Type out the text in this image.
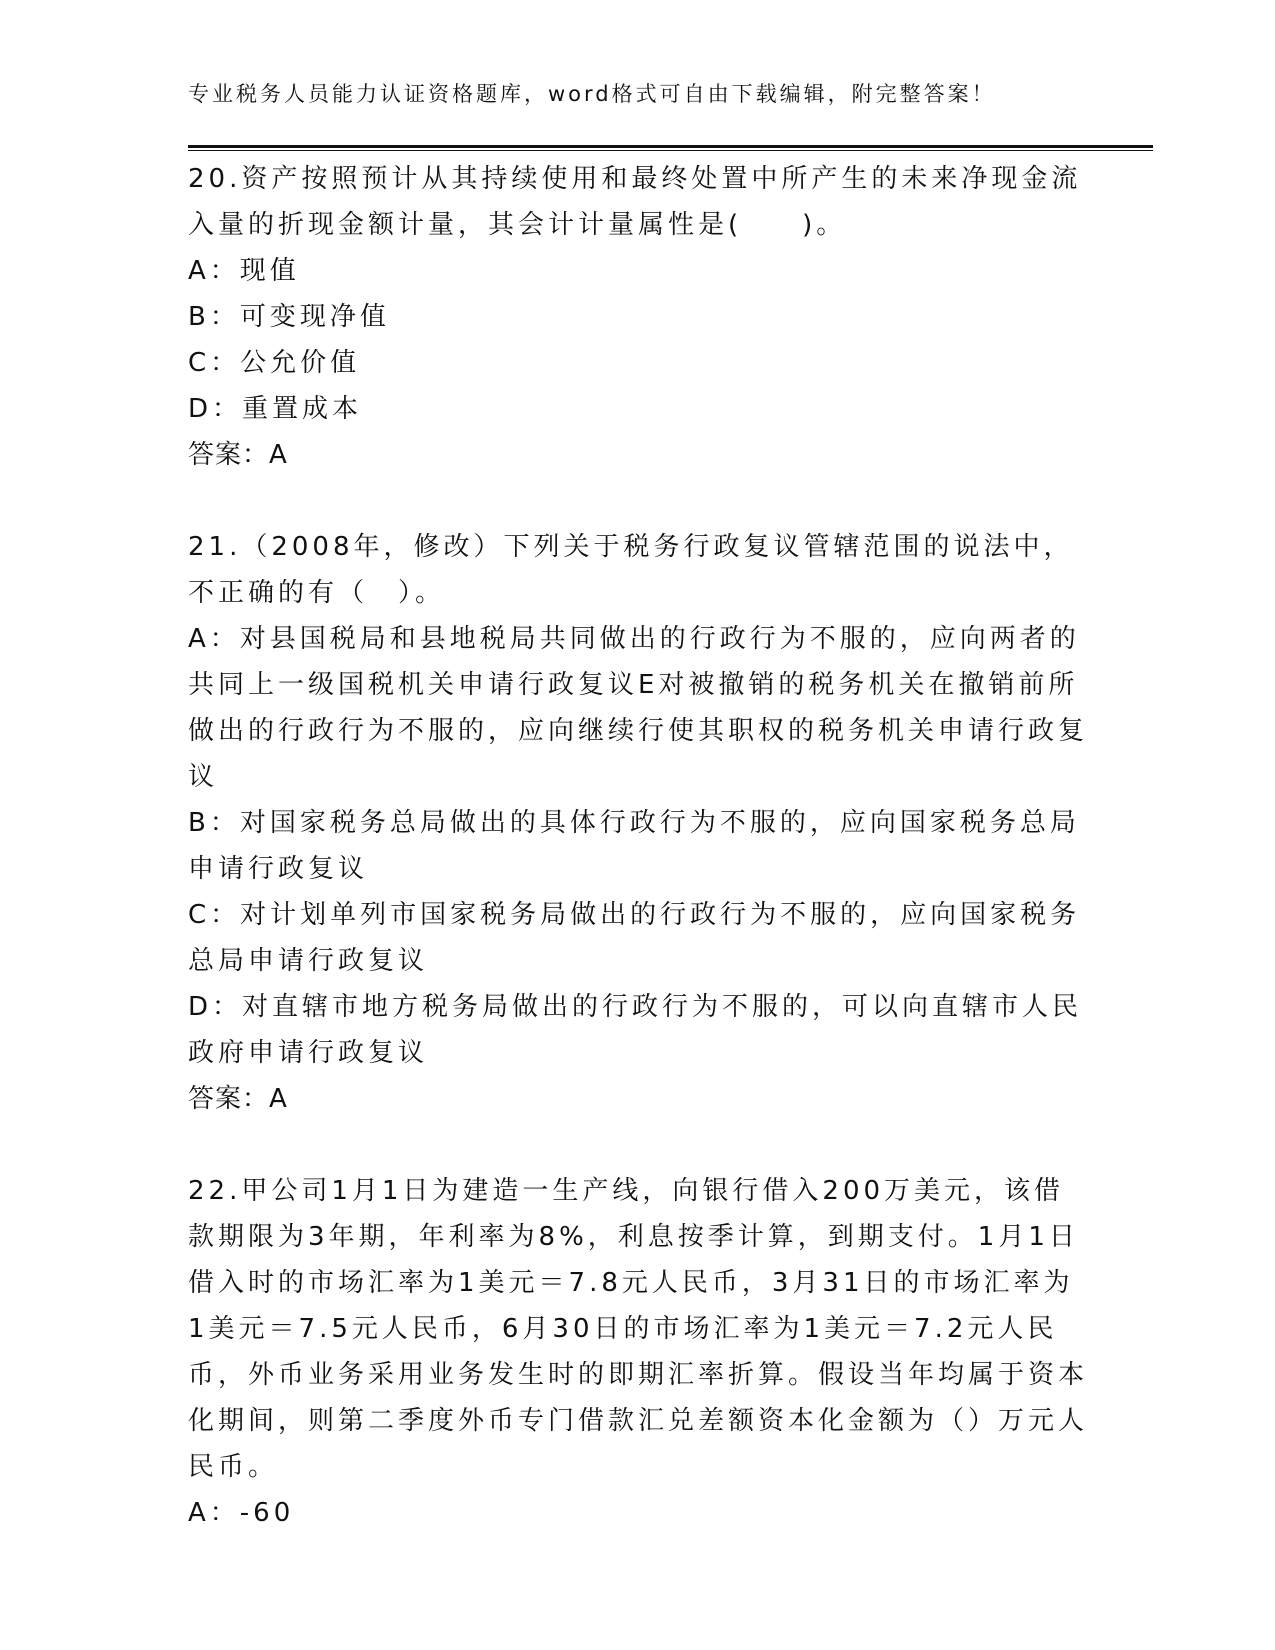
专业税务人员能力认证资格题库，word格式可自由下载编辑，附完整答案！

20.资产按照预计从其持续使用和最终处置中所产生的未来净现金流入量的折现金额计量，其会计计量属性是(　　)。

A：现值

B：可变现净值

C：公允价值

D：重置成本

答案：A

21.（2008年，修改）下列关于税务行政复议管辖范围的说法中，不正确的有（　）。

A：对县国税局和县地税局共同做出的行政行为不服的，应向两者的共同上一级国税机关申请行政复议E对被撤销的税务机关在撤销前所做出的行政行为不服的，应向继续行使其职权的税务机关申请行政复议

B：对国家税务总局做出的具体行政行为不服的，应向国家税务总局申请行政复议

C：对计划单列市国家税务局做出的行政行为不服的，应向国家税务总局申请行政复议

D：对直辖市地方税务局做出的行政行为不服的，可以向直辖市人民政府申请行政复议

答案：A

22.甲公司1月1日为建造一生产线，向银行借入200万美元，该借款期限为3年期，年利率为8%，利息按季计算，到期支付。1月1日借入时的市场汇率为1美元＝7.8元人民币，3月31日的市场汇率为1美元＝7.5元人民币，6月30日的市场汇率为1美元＝7.2元人民币，外币业务采用业务发生时的即期汇率折算。假设当年均属于资本化期间，则第二季度外币专门借款汇兑差额资本化金额为（）万元人民币。

A：-60
